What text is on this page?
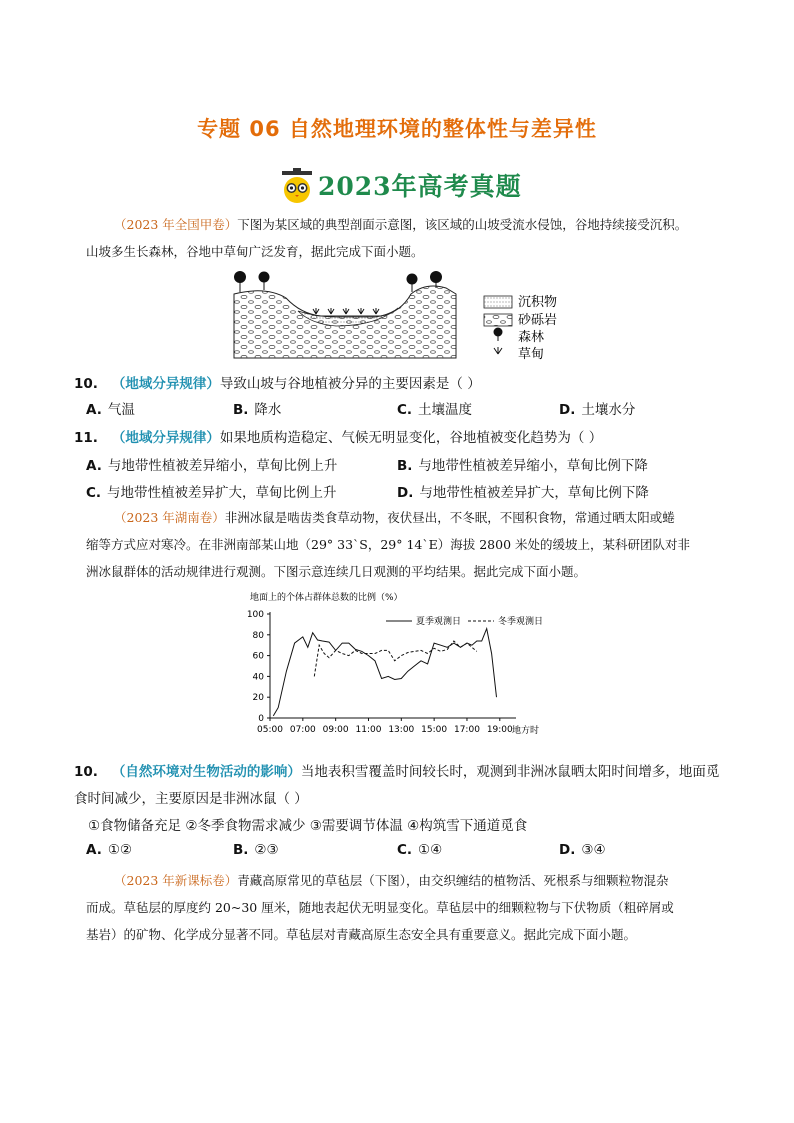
专题 06 自然地理环境的整体性与差异性
2023年高考真题
（2023 年全国甲卷）下图为某区域的典型剖面示意图，该区域的山坡受流水侵蚀，谷地持续接受沉积。
山坡多生长森林，谷地中草甸广泛发育，据此完成下面小题。
沉积物
砂砾岩
森林
草甸
10. （地域分异规律）导致山坡与谷地植被分异的主要因素是（ ）
A. 气温	B. 降水	C. 土壤温度	D. 土壤水分
11. （地域分异规律）如果地质构造稳定、气候无明显变化，谷地植被变化趋势为（ ）
A. 与地带性植被差异缩小，草甸比例上升	B. 与地带性植被差异缩小，草甸比例下降
C. 与地带性植被差异扩大，草甸比例上升	D. 与地带性植被差异扩大，草甸比例下降
（2023 年湖南卷）非洲冰鼠是啮齿类食草动物，夜伏昼出，不冬眠，不囤积食物，常通过晒太阳或蜷
缩等方式应对寒冷。在非洲南部某山地（29° 33`S，29° 14`E）海拔 2800 米处的缓坡上，某科研团队对非
洲冰鼠群体的活动规律进行观测。下图示意连续几日观测的平均结果。据此完成下面小题。
地面上的个体占群体总数的比例（%）
0
20
40
60
80
100
05:00 07:00 09:00 11:00 13:00 15:00 17:00 19:00
夏季观测日	冬季观测日
地方时
10. （自然环境对生物活动的影响）当地表积雪覆盖时间较长时，观测到非洲冰鼠晒太阳时间增多，地面觅
食时间减少，主要原因是非洲冰鼠（ ）
①食物储备充足 ②冬季食物需求减少 ③需要调节体温 ④构筑雪下通道觅食
A. ①②	B. ②③	C. ①④	D. ③④
（2023 年新课标卷）青藏高原常见的草毡层（下图），由交织缠结的植物活、死根系与细颗粒物混杂
而成。草毡层的厚度约 20~30 厘米，随地表起伏无明显变化。草毡层中的细颗粒物与下伏物质（粗碎屑或
基岩）的矿物、化学成分显著不同。草毡层对青藏高原生态安全具有重要意义。据此完成下面小题。
